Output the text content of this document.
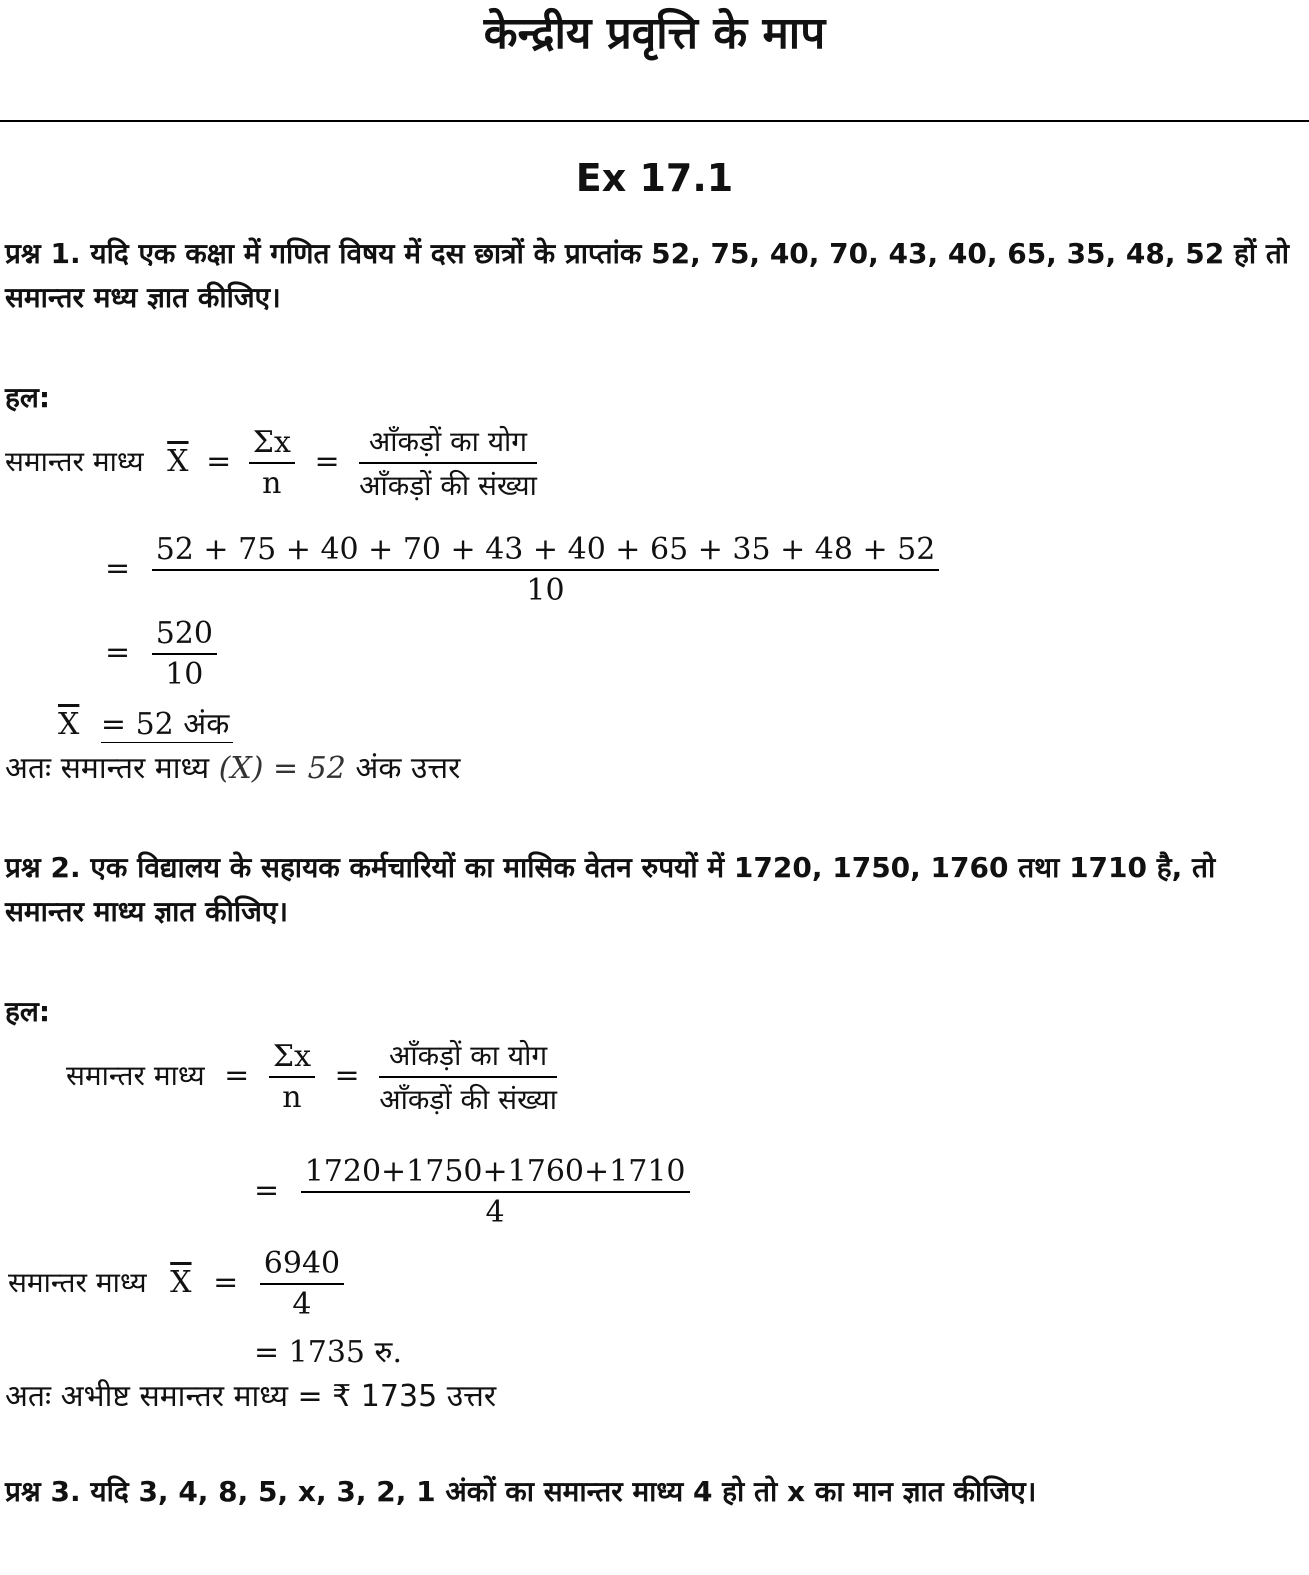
केन्द्रीय प्रवृत्ति के माप
Ex 17.1
प्रश्न 1. यदि एक कक्षा में गणित विषय में दस छात्रों के प्राप्तांक 52, 75, 40, 70, 43, 40, 65, 35, 48, 52 हों तो समान्तर मध्य ज्ञात कीजिए।
हल:
समान्तर माध्य $\overline{X} = \frac{\Sigma x}{n} = \frac{\text{आँकड़ों का योग}}{\text{आँकड़ों की संख्या}}$
= $\frac{52 + 75 + 40 + 70 + 43 + 40 + 65 + 35 + 48 + 52}{10}$
= $\frac{520}{10}$
$\overline{X} = 52$ अंक
अतः समान्तर माध्य (X) = 52 अंक उत्तर
प्रश्न 2. एक विद्यालय के सहायक कर्मचारियों का मासिक वेतन रुपयों में 1720, 1750, 1760 तथा 1710 है, तो समान्तर माध्य ज्ञात कीजिए।
हल:
समान्तर माध्य = $\frac{\Sigma x}{n} = \frac{\text{आँकड़ों का योग}}{\text{आँकड़ों की संख्या}}$
= $\frac{1720+1750+1760+1710}{4}$
समान्तर माध्य $\overline{X} = \frac{6940}{4}$
= 1735 रु.
अतः अभीष्ट समान्तर माध्य = ₹ 1735 उत्तर
प्रश्न 3. यदि 3, 4, 8, 5, x, 3, 2, 1 अंकों का समान्तर माध्य 4 हो तो x का मान ज्ञात कीजिए।
